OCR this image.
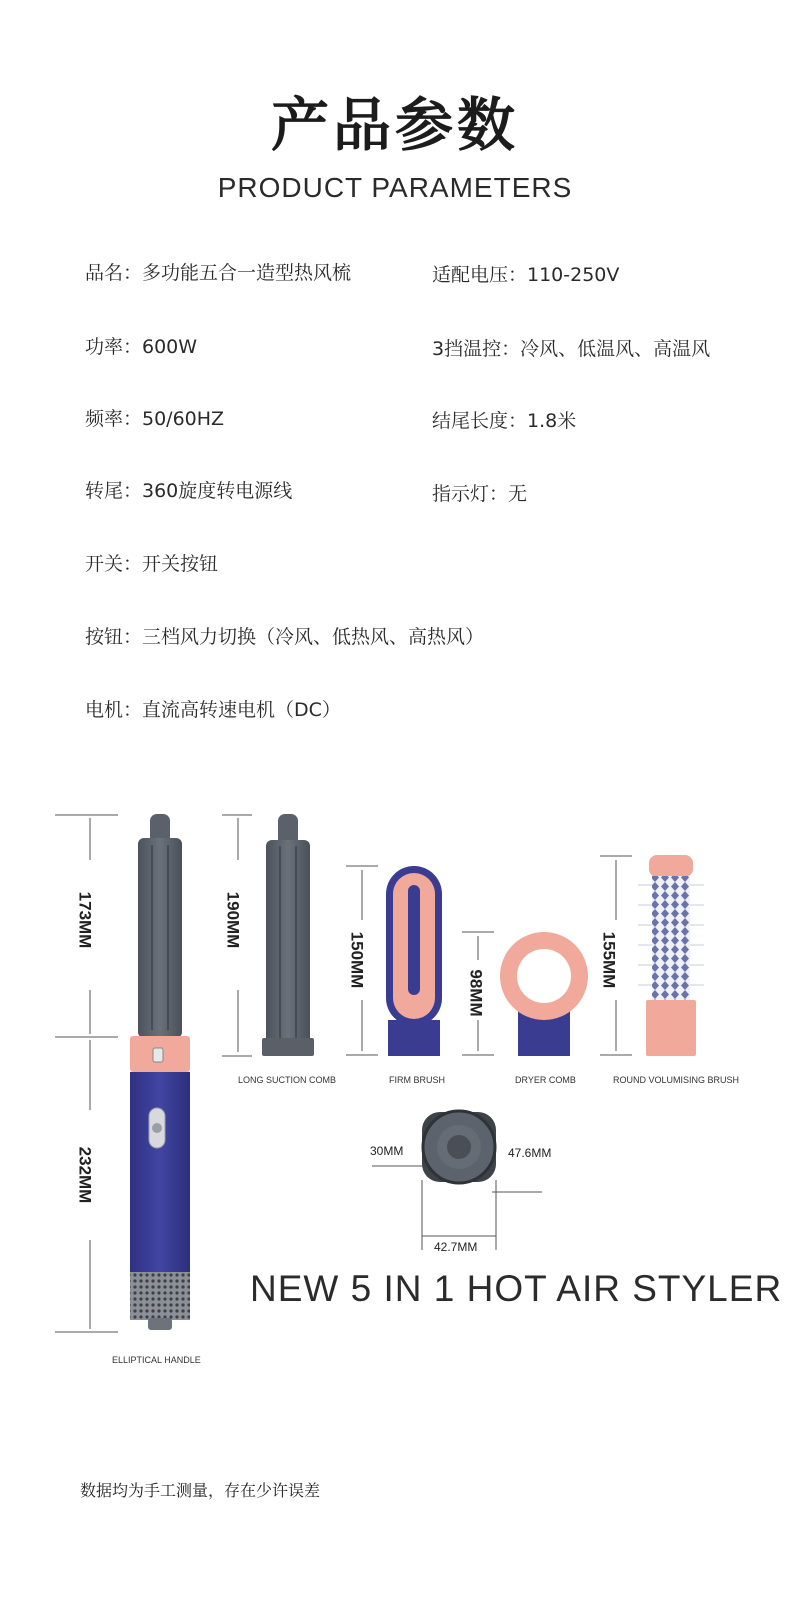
产品参数
PRODUCT PARAMETERS
品名：多功能五合一造型热风梳	适配电压：110-250V
功率：600W	3挡温控：冷风、低温风、高温风
频率：50/60HZ	结尾长度：1.8米
转尾：360旋度转电源线	指示灯：无
开关：开关按钮
按钮：三档风力切换（冷风、低热风、高热风）
电机：直流高转速电机（DC）
173MM
232MM
190MM
150MM
98MM
155MM
30MM	47.6MM
42.7MM
LONG SUCTION COMB	FIRM BRUSH	DRYER COMB	ROUND VOLUMISING BRUSH
ELLIPTICAL HANDLE
NEW 5 IN 1 HOT AIR STYLER
数据均为手工测量，存在少许误差
